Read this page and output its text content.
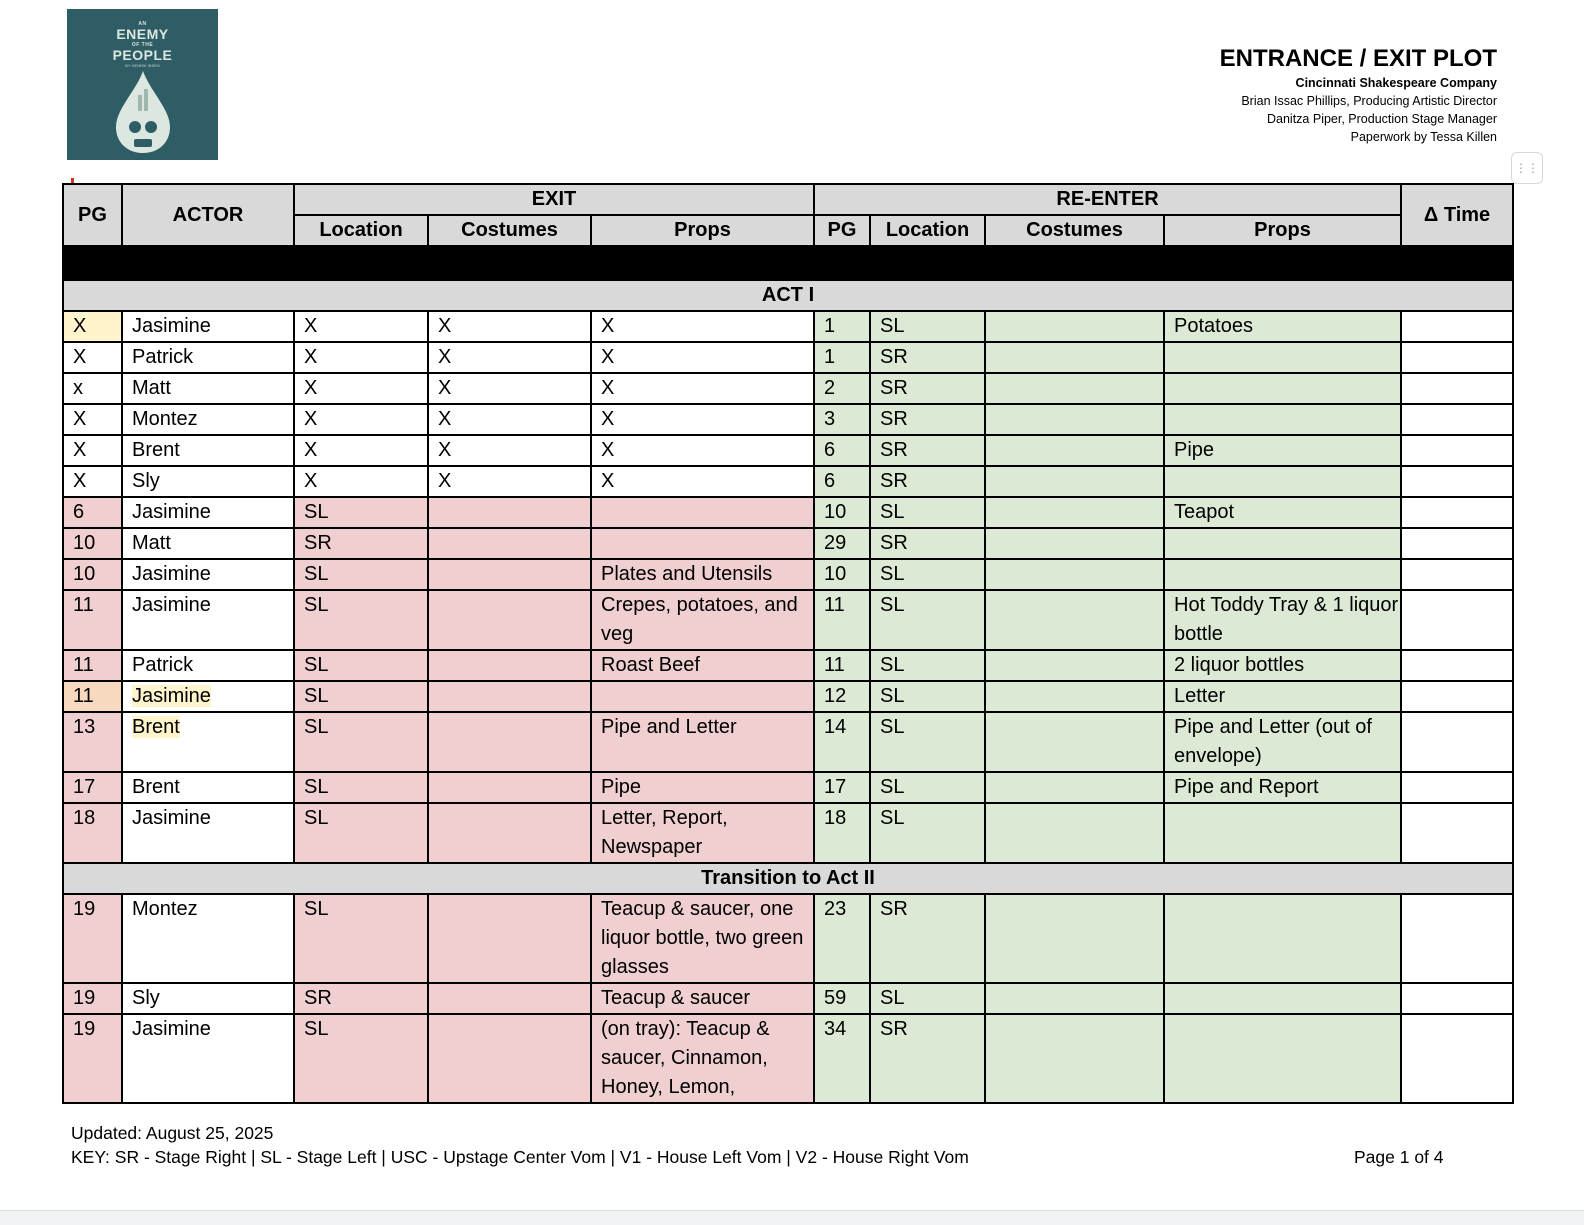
AN
ENEMY
OF THE
PEOPLE
BY HENRIK IBSEN	ENTRANCE / EXIT PLOT
Cincinnati Shakespeare Company
Brian Issac Phillips, Producing Artistic Director
Danitza Piper, Production Stage Manager
Paperwork by Tessa Killen
⋮⋮
PG	ACTOR	EXIT			RE-ENTER				Δ Time
		Location	Costumes	Props	PG	Location	Costumes	Props	

ACT I									
X	Jasimine	X	X	X	1	SL		Potatoes	
X	Patrick	X	X	X	1	SR			
x	Matt	X	X	X	2	SR			
X	Montez	X	X	X	3	SR			
X	Brent	X	X	X	6	SR		Pipe	
X	Sly	X	X	X	6	SR			
6	Jasimine	SL			10	SL		Teapot	
10	Matt	SR			29	SR			
10	Jasimine	SL		Plates and Utensils	10	SL			
11	Jasimine	SL		Crepes, potatoes, and veg	11	SL		Hot Toddy Tray & 1 liquor bottle	
11	Patrick	SL		Roast Beef	11	SL		2 liquor bottles	
11	Jasimine	SL			12	SL		Letter	
13	Brent	SL		Pipe and Letter	14	SL		Pipe and Letter (out of envelope)	
17	Brent	SL		Pipe	17	SL		Pipe and Report	
18	Jasimine	SL		Letter, Report, Newspaper	18	SL			
Transition to Act II									
19	Montez	SL		Teacup & saucer, one liquor bottle, two green glasses	23	SR			
19	Sly	SR		Teacup & saucer	59	SL			
19	Jasimine	SL		(on tray): Teacup & saucer, Cinnamon, Honey, Lemon,	34	SR			
Updated: August 25, 2025
KEY: SR - Stage Right | SL - Stage Left | USC - Upstage Center Vom | V1 - House Left Vom | V2 - House Right Vom	Page 1 of 4
